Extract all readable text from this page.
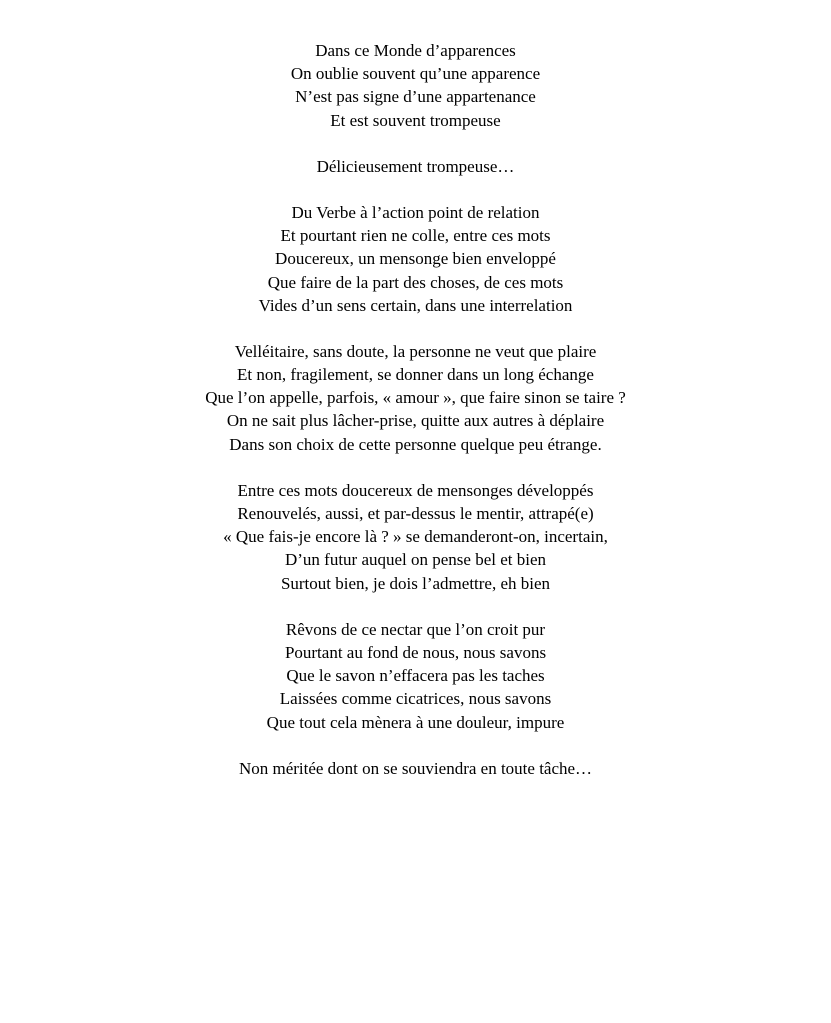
Dans ce Monde d’apparences
On oublie souvent qu’une apparence
N’est pas signe d’une appartenance
Et est souvent trompeuse
Délicieusement trompeuse…
Du Verbe à l’action point de relation
Et pourtant rien ne colle, entre ces mots
Doucereux, un mensonge bien enveloppé
Que faire de la part des choses, de ces mots
Vides d’un sens certain, dans une interrelation
Velléitaire, sans doute, la personne ne veut que plaire
Et non, fragilement, se donner dans un long échange
Que l’on appelle, parfois, « amour », que faire sinon se taire ?
On ne sait plus lâcher-prise, quitte aux autres à déplaire
Dans son choix de cette personne quelque peu étrange.
Entre ces mots doucereux de mensonges développés
Renouvelés, aussi, et par-dessus le mentir, attrapé(e)
« Que fais-je encore là ? » se demanderont-on, incertain,
D’un futur auquel on pense bel et bien
Surtout bien, je dois l’admettre, eh bien
Rêvons de ce nectar que l’on croit pur
Pourtant au fond de nous, nous savons
Que le savon n’effacera pas les taches
Laissées comme cicatrices, nous savons
Que tout cela mènera à une douleur, impure
Non méritée dont on se souviendra en toute tâche…
